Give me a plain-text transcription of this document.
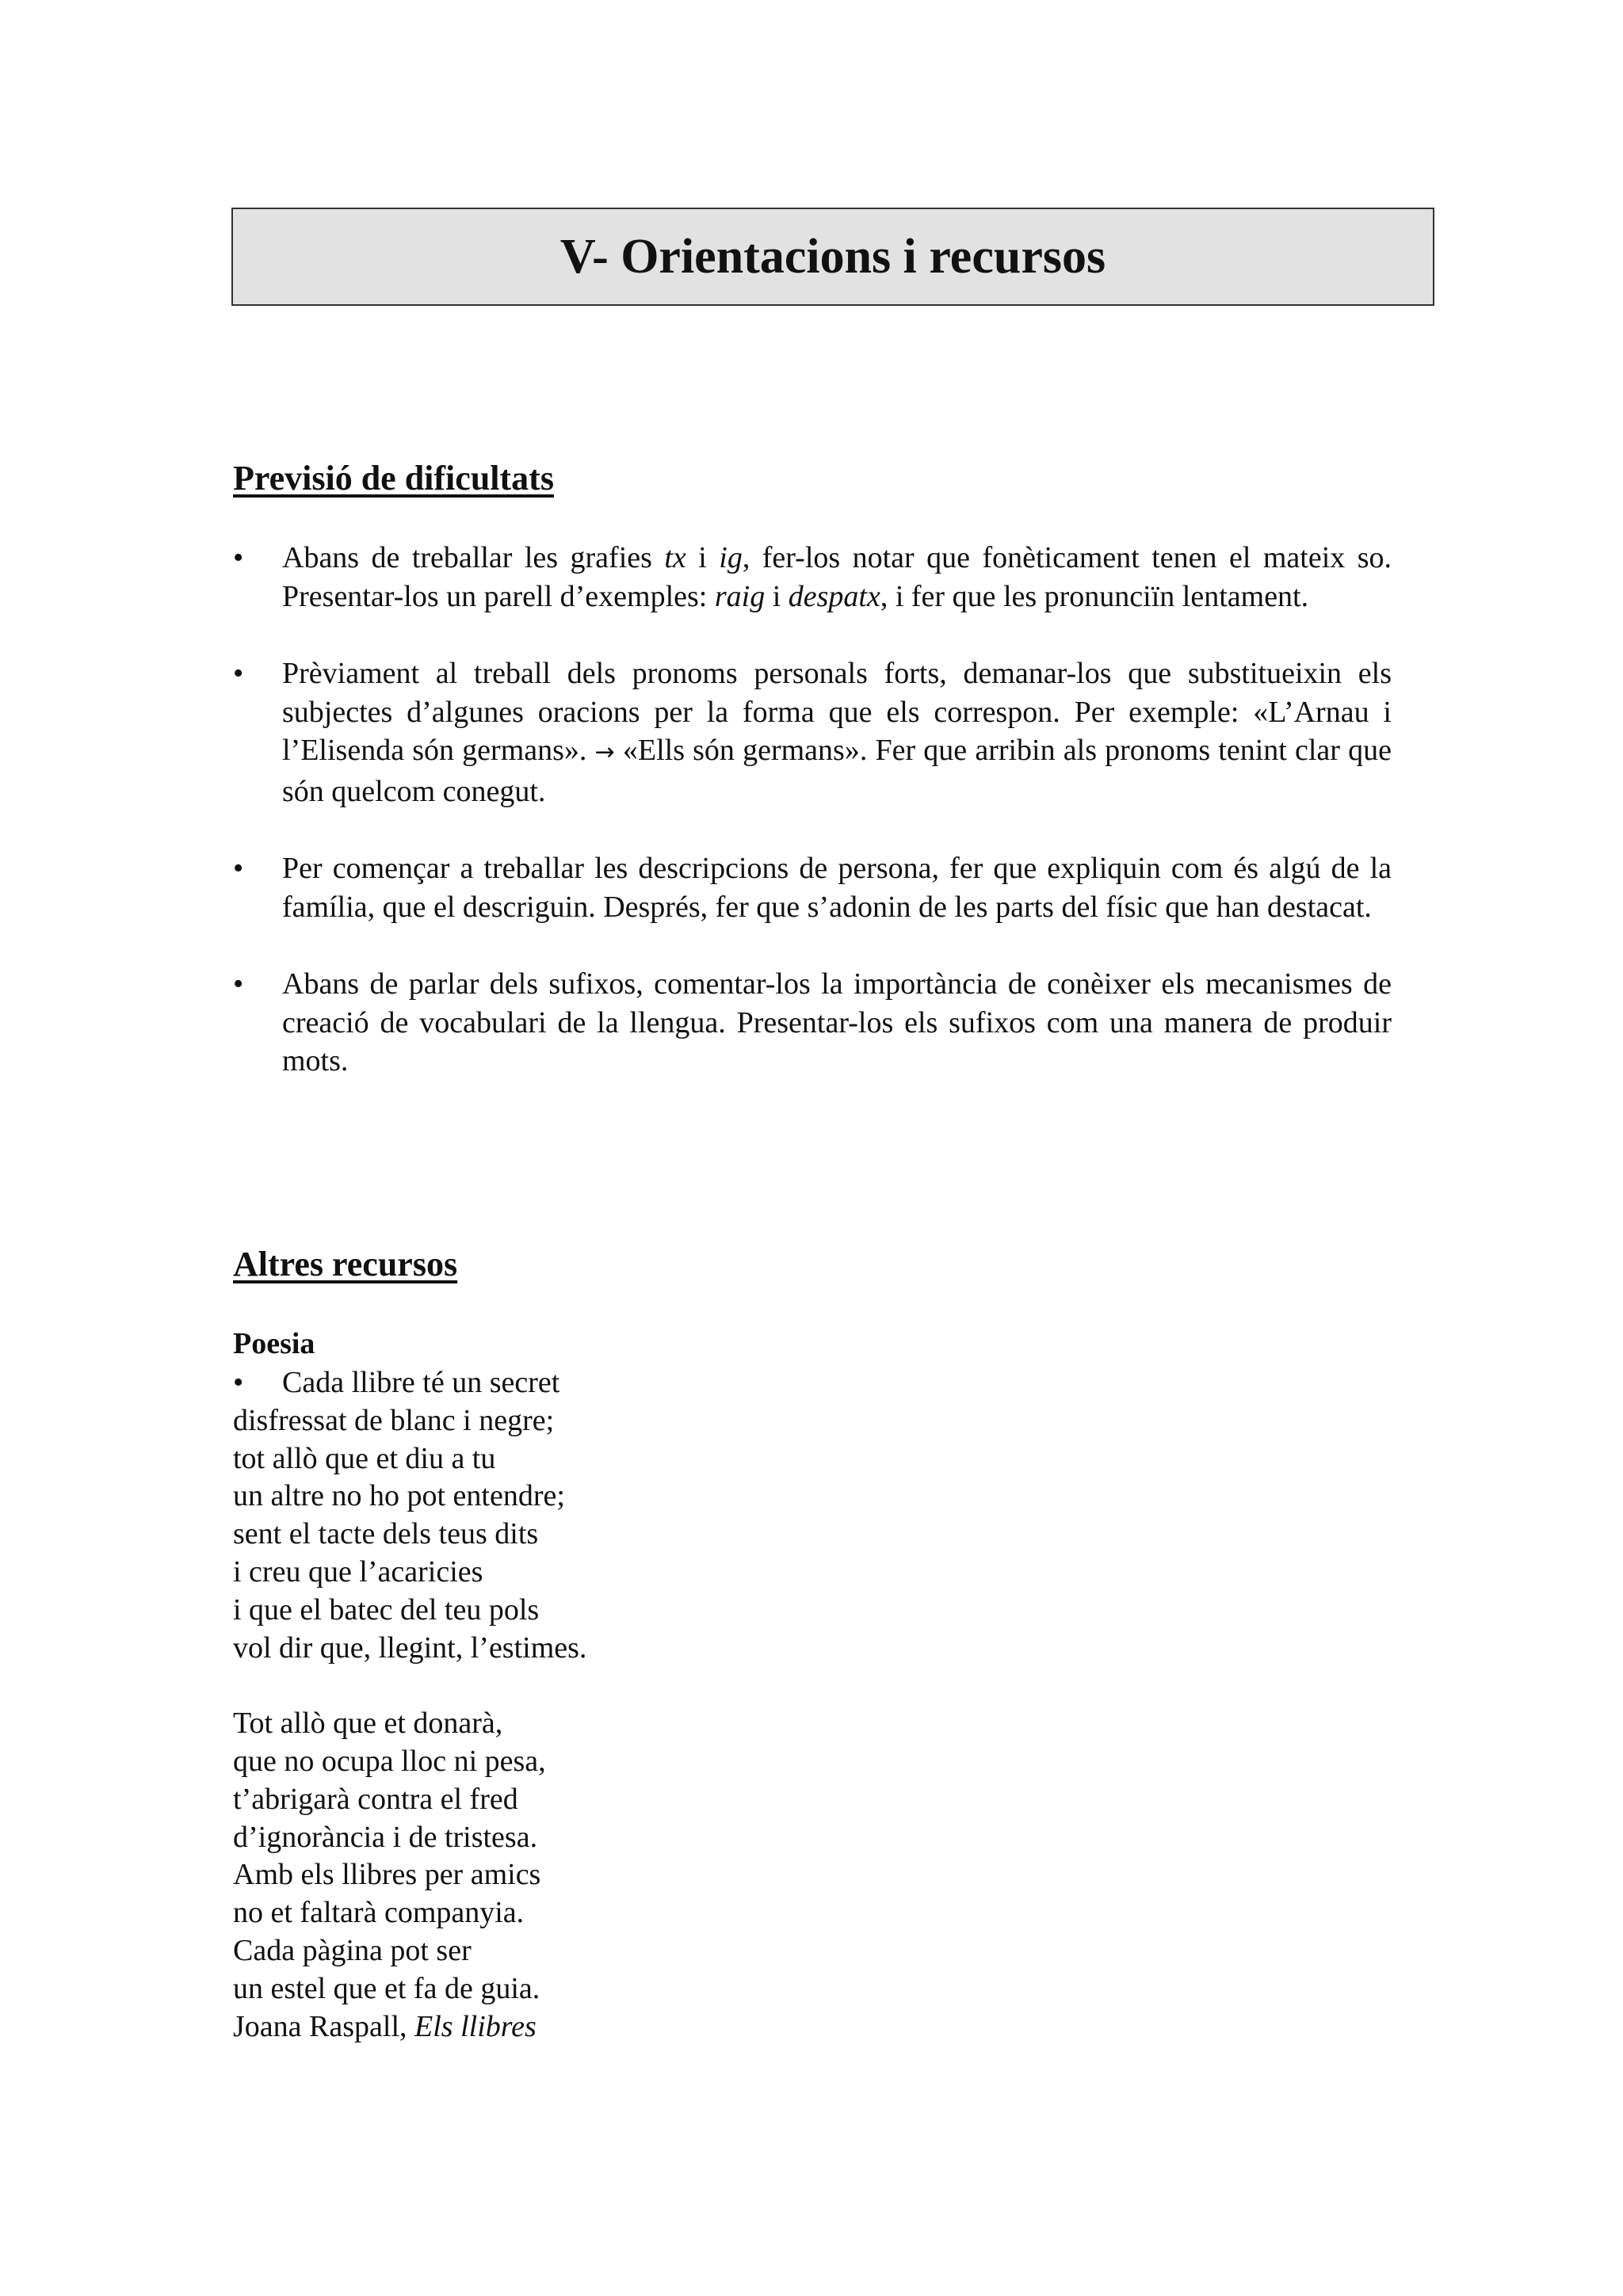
V- Orientacions i recursos
Previsió de dificultats
•	Abans de treballar les grafies tx i ig, fer-los notar que fonèticament tenen el mateix so. Presentar-los un parell d’exemples: raig i despatx, i fer que les pronunciïn lentament.
•	Prèviament al treball dels pronoms personals forts, demanar-los que substitueixin els subjectes d’algunes oracions per la forma que els correspon. Per exemple: «L’Arnau i l’Elisenda són germans». → «Ells són germans». Fer que arribin als pronoms tenint clar que són quelcom conegut.
•	Per començar a treballar les descripcions de persona, fer que expliquin com és algú de la família, que el descriguin. Després, fer que s’adonin de les parts del físic que han destacat.
•	Abans de parlar dels sufixos, comentar-los la importància de conèixer els mecanismes de creació de vocabulari de la llengua. Presentar-los els sufixos com una manera de produir mots.
Altres recursos
Poesia
•	Cada llibre té un secret
disfressat de blanc i negre;
tot allò que et diu a tu
un altre no ho pot entendre;
sent el tacte dels teus dits
i creu que l’acaricies
i que el batec del teu pols
vol dir que, llegint, l’estimes.
Tot allò que et donarà,
que no ocupa lloc ni pesa,
t’abrigarà contra el fred
d’ignorància i de tristesa.
Amb els llibres per amics
no et faltarà companyia.
Cada pàgina pot ser
un estel que et fa de guia.
Joana Raspall, Els llibres
